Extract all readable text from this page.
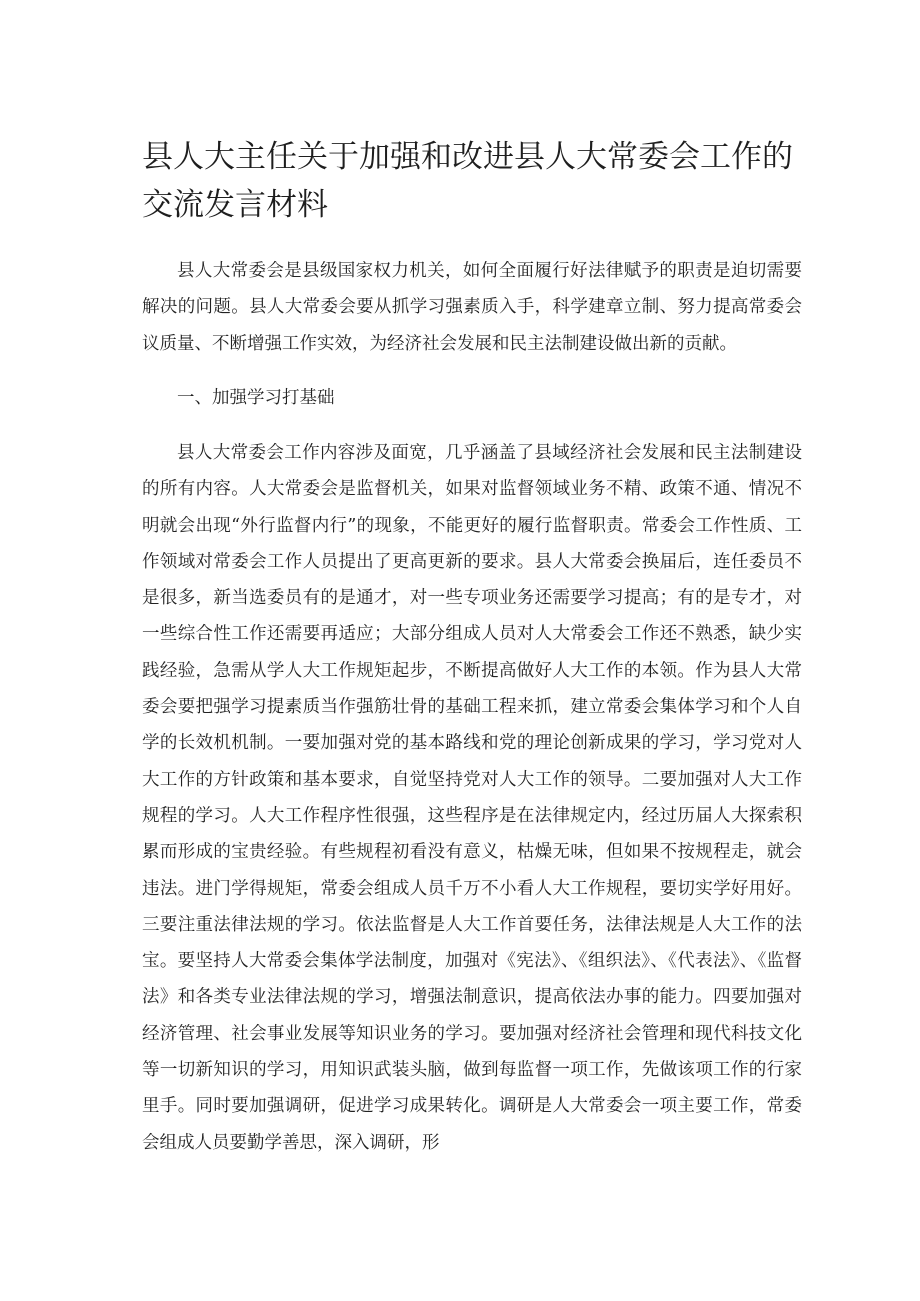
县人大主任关于加强和改进县人大常委会工作的交流发言材料

县人大常委会是县级国家权力机关，如何全面履行好法律赋予的职责是迫切需要解决的问题。县人大常委会要从抓学习强素质入手，科学建章立制、努力提高常委会议质量、不断增强工作实效，为经济社会发展和民主法制建设做出新的贡献。

一、加强学习打基础

县人大常委会工作内容涉及面宽，几乎涵盖了县域经济社会发展和民主法制建设的所有内容。人大常委会是监督机关，如果对监督领域业务不精、政策不通、情况不明就会出现“外行监督内行”的现象，不能更好的履行监督职责。常委会工作性质、工作领域对常委会工作人员提出了更高更新的要求。县人大常委会换届后，连任委员不是很多，新当选委员有的是通才，对一些专项业务还需要学习提高；有的是专才，对一些综合性工作还需要再适应；大部分组成人员对人大常委会工作还不熟悉，缺少实践经验，急需从学人大工作规矩起步，不断提高做好人大工作的本领。作为县人大常委会要把强学习提素质当作强筋壮骨的基础工程来抓，建立常委会集体学习和个人自学的长效机机制。一要加强对党的基本路线和党的理论创新成果的学习，学习党对人大工作的方针政策和基本要求，自觉坚持党对人大工作的领导。二要加强对人大工作规程的学习。人大工作程序性很强，这些程序是在法律规定内，经过历届人大探索积累而形成的宝贵经验。有些规程初看没有意义，枯燥无味，但如果不按规程走，就会违法。进门学得规矩，常委会组成人员千万不小看人大工作规程，要切实学好用好。三要注重法律法规的学习。依法监督是人大工作首要任务，法律法规是人大工作的法宝。要坚持人大常委会集体学法制度，加强对《宪法》、《组织法》、《代表法》、《监督法》和各类专业法律法规的学习，增强法制意识，提高依法办事的能力。四要加强对经济管理、社会事业发展等知识业务的学习。要加强对经济社会管理和现代科技文化等一切新知识的学习，用知识武装头脑，做到每监督一项工作，先做该项工作的行家里手。同时要加强调研，促进学习成果转化。调研是人大常委会一项主要工作，常委会组成人员要勤学善思，深入调研，形
